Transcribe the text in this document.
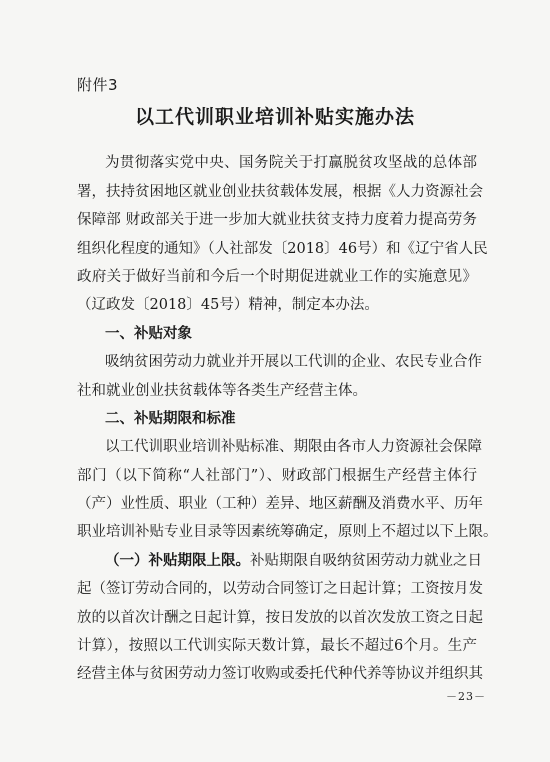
附件3
以工代训职业培训补贴实施办法
为贯彻落实党中央、国务院关于打赢脱贫攻坚战的总体部
署，扶持贫困地区就业创业扶贫载体发展，根据《人力资源社会
保障部 财政部关于进一步加大就业扶贫支持力度着力提高劳务
组织化程度的通知》（人社部发〔2018〕46号）和《辽宁省人民
政府关于做好当前和今后一个时期促进就业工作的实施意见》
（辽政发〔2018〕45号）精神，制定本办法。
一、补贴对象
吸纳贫困劳动力就业并开展以工代训的企业、农民专业合作
社和就业创业扶贫载体等各类生产经营主体。
二、补贴期限和标准
以工代训职业培训补贴标准、期限由各市人力资源社会保障
部门（以下简称“人社部门”）、财政部门根据生产经营主体行
（产）业性质、职业（工种）差异、地区薪酬及消费水平、历年
职业培训补贴专业目录等因素统筹确定，原则上不超过以下上限。
（一）补贴期限上限。补贴期限自吸纳贫困劳动力就业之日
起（签订劳动合同的，以劳动合同签订之日起计算；工资按月发
放的以首次计酬之日起计算，按日发放的以首次发放工资之日起
计算），按照以工代训实际天数计算，最长不超过6个月。生产
经营主体与贫困劳动力签订收购或委托代种代养等协议并组织其
－23－
